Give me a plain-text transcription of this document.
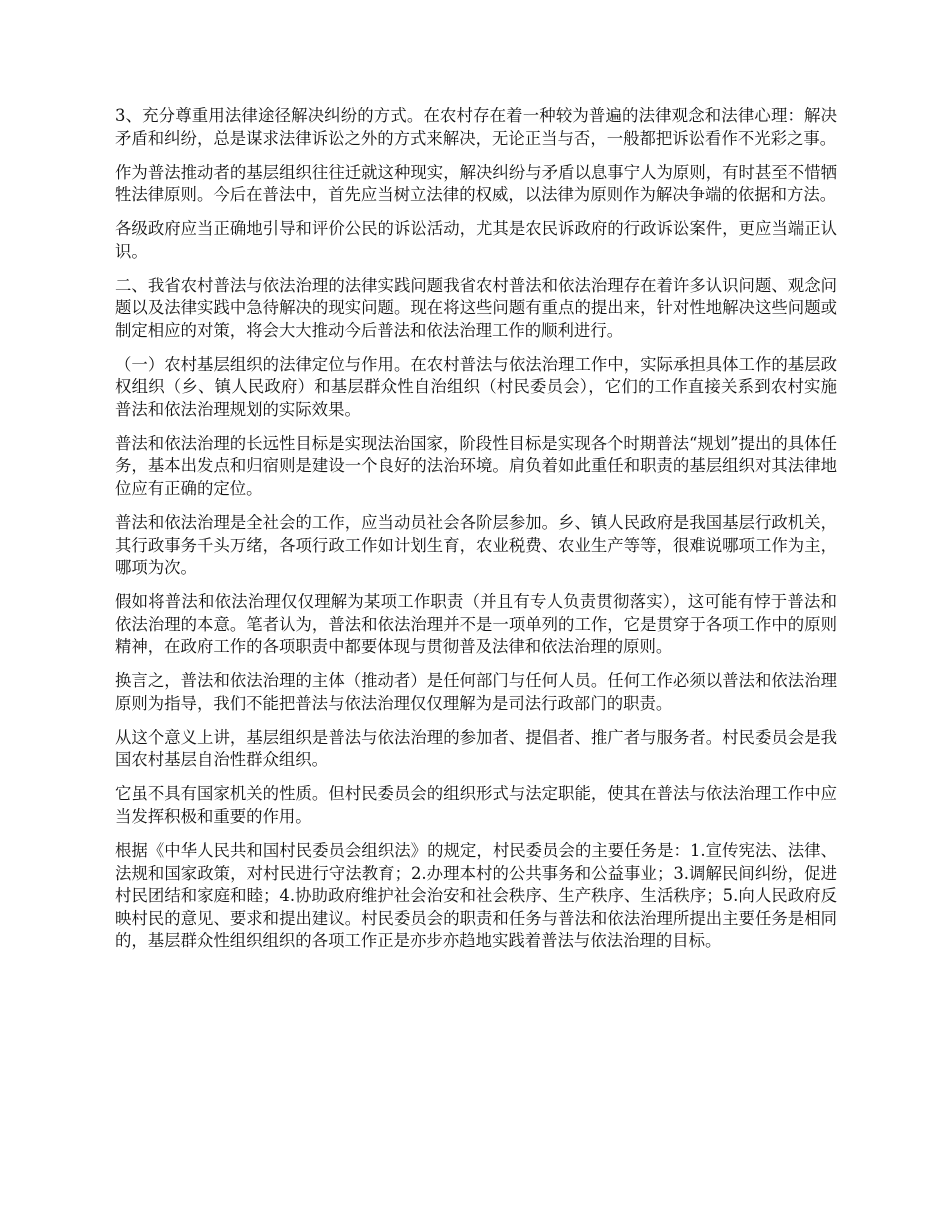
3、充分尊重用法律途径解决纠纷的方式。在农村存在着一种较为普遍的法律观念和法律心理：解决矛盾和纠纷，总是谋求法律诉讼之外的方式来解决，无论正当与否，一般都把诉讼看作不光彩之事。

作为普法推动者的基层组织往往迁就这种现实，解决纠纷与矛盾以息事宁人为原则，有时甚至不惜牺牲法律原则。今后在普法中，首先应当树立法律的权威，以法律为原则作为解决争端的依据和方法。

各级政府应当正确地引导和评价公民的诉讼活动，尤其是农民诉政府的行政诉讼案件，更应当端正认识。

二、我省农村普法与依法治理的法律实践问题我省农村普法和依法治理存在着许多认识问题、观念问题以及法律实践中急待解决的现实问题。现在将这些问题有重点的提出来，针对性地解决这些问题或制定相应的对策，将会大大推动今后普法和依法治理工作的顺利进行。

（一）农村基层组织的法律定位与作用。在农村普法与依法治理工作中，实际承担具体工作的基层政权组织（乡、镇人民政府）和基层群众性自治组织（村民委员会），它们的工作直接关系到农村实施普法和依法治理规划的实际效果。

普法和依法治理的长远性目标是实现法治国家，阶段性目标是实现各个时期普法“规划”提出的具体任务，基本出发点和归宿则是建设一个良好的法治环境。肩负着如此重任和职责的基层组织对其法律地位应有正确的定位。

普法和依法治理是全社会的工作，应当动员社会各阶层参加。乡、镇人民政府是我国基层行政机关，其行政事务千头万绪，各项行政工作如计划生育，农业税费、农业生产等等，很难说哪项工作为主，哪项为次。

假如将普法和依法治理仅仅理解为某项工作职责（并且有专人负责贯彻落实），这可能有悖于普法和依法治理的本意。笔者认为，普法和依法治理并不是一项单列的工作，它是贯穿于各项工作中的原则精神，在政府工作的各项职责中都要体现与贯彻普及法律和依法治理的原则。

换言之，普法和依法治理的主体（推动者）是任何部门与任何人员。任何工作必须以普法和依法治理原则为指导，我们不能把普法与依法治理仅仅理解为是司法行政部门的职责。

从这个意义上讲，基层组织是普法与依法治理的参加者、提倡者、推广者与服务者。村民委员会是我国农村基层自治性群众组织。

它虽不具有国家机关的性质。但村民委员会的组织形式与法定职能，使其在普法与依法治理工作中应当发挥积极和重要的作用。

根据《中华人民共和国村民委员会组织法》的规定，村民委员会的主要任务是：1.宣传宪法、法律、法规和国家政策，对村民进行守法教育；2.办理本村的公共事务和公益事业；3.调解民间纠纷，促进村民团结和家庭和睦；4.协助政府维护社会治安和社会秩序、生产秩序、生活秩序；5.向人民政府反映村民的意见、要求和提出建议。村民委员会的职责和任务与普法和依法治理所提出主要任务是相同的，基层群众性组织组织的各项工作正是亦步亦趋地实践着普法与依法治理的目标。
